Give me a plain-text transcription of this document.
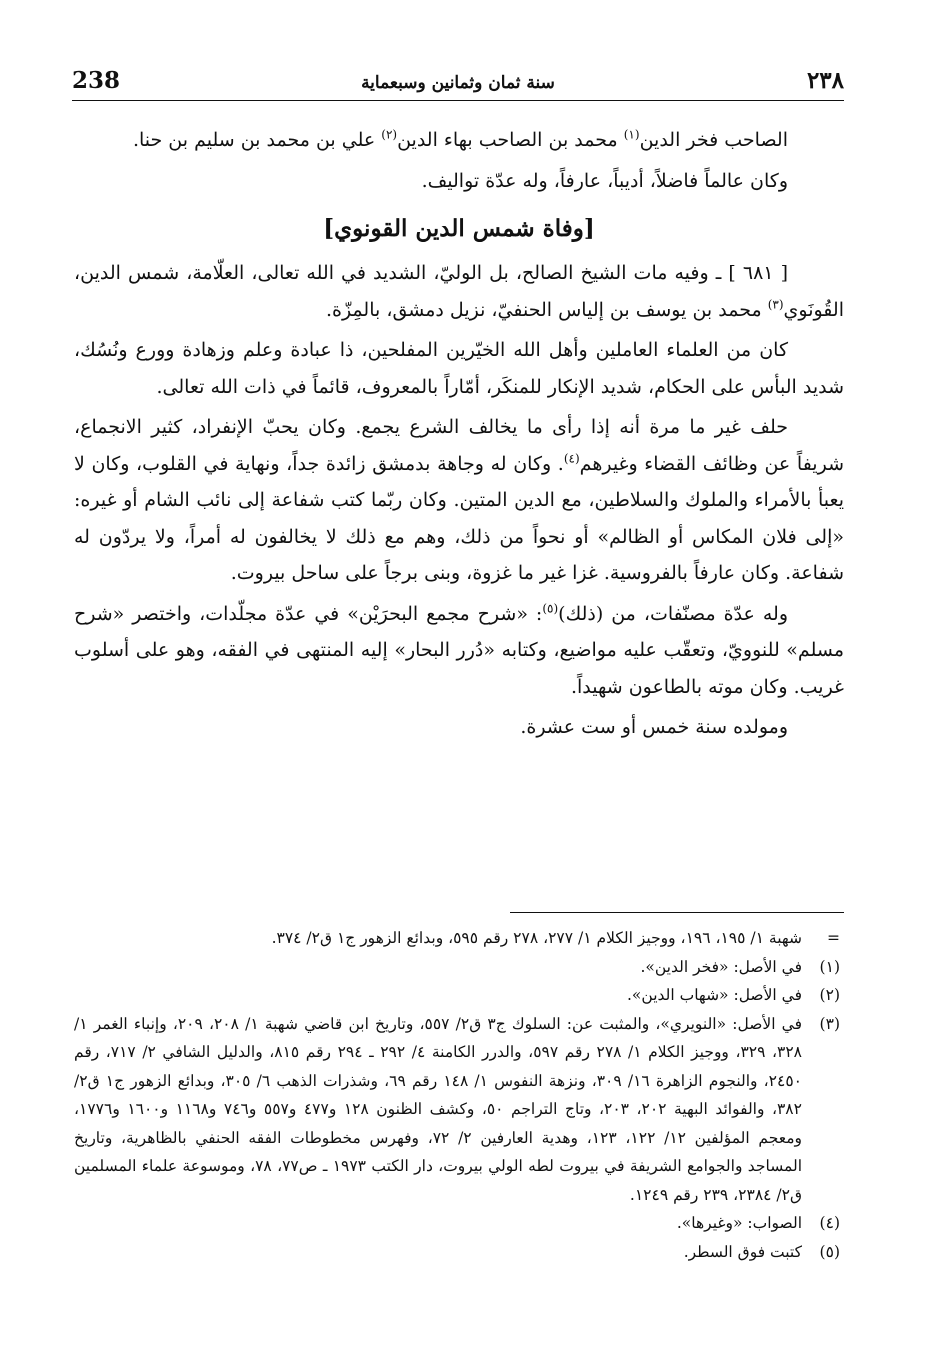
238	سنة ثمان وثمانين وسبعماية	٢٣٨

الصاحب فخر الدين$^{(١)}$ محمد بن الصاحب بهاء الدين$^{(٢)}$ علي بن محمد بن سليم بن حنا.

وكان عالماً فاضلاً، أديباً، عارفاً، وله عدّة تواليف.

[وفاة شمس الدين القونوي]

[ ٦٨١ ] ـ وفيه مات الشيخ الصالح، بل الوليّ، الشديد في الله تعالى، العلّامة، شمس الدين، القُونَوي$^{(٣)}$ محمد بن يوسف بن إلياس الحنفيّ، نزيل دمشق، بالمِزّة.

كان من العلماء العاملين وأهل الله الخيّرين المفلحين، ذا عبادة وعلم وزهادة وورع ونُسُك، شديد البأس على الحكام، شديد الإنكار للمنكَر، أمّاراً بالمعروف، قائماً في ذات الله تعالى.

حلف غير ما مرة أنه إذا رأى ما يخالف الشرع يجمع. وكان يحبّ الإنفراد، كثير الانجماع، شريفاً عن وظائف القضاء وغيرهم$^{(٤)}$. وكان له وجاهة بدمشق زائدة جداً، ونهاية في القلوب، وكان لا يعبأ بالأمراء والملوك والسلاطين، مع الدين المتين. وكان ربّما كتب شفاعة إلى نائب الشام أو غيره: «إلى فلان المكاس أو الظالم» أو نحواً من ذلك، وهم مع ذلك لا يخالفون له أمراً، ولا يردّون له شفاعة. وكان عارفاً بالفروسية. غزا غير ما غزوة، وبنى برجاً على ساحل بيروت.

وله عدّة مصنّفات، من (ذلك)$^{(٥)}$: «شرح مجمع البحرَيْن» في عدّة مجلّدات، واختصر «شرح مسلم» للنوويّ، وتعقّب عليه مواضيع، وكتابه «دُرر البحار» إليه المنتهى في الفقه، وهو على أسلوب غريب. وكان موته بالطاعون شهيداً.

ومولده سنة خمس أو ست عشرة.

=
شهبة ١/ ١٩٥، ١٩٦، ووجيز الكلام ١/ ٢٧٧، ٢٧٨ رقم ٥٩٥، وبدائع الزهور ج١ ق٢/ ٣٧٤.
(١)
في الأصل: «فخر الدين».
(٢)
في الأصل: «شهاب الدين».
(٣)
في الأصل: «النويري»، والمثبت عن: السلوك ج٣ ق٢/ ٥٥٧، وتاريخ ابن قاضي شهبة ١/ ٢٠٨، ٢٠٩، وإنباء الغمر ١/ ٣٢٨، ٣٢٩، ووجيز الكلام ١/ ٢٧٨ رقم ٥٩٧، والدرر الكامنة ٤/ ٢٩٢ ـ ٢٩٤ رقم ٨١٥، والدليل الشافي ٢/ ٧١٧، رقم ٢٤٥٠، والنجوم الزاهرة ١٦/ ٣٠٩، ونزهة النفوس ١/ ١٤٨ رقم ٦٩، وشذرات الذهب ٦/ ٣٠٥، وبدائع الزهور ج١ ق٢/ ٣٨٢، والفوائد البهية ٢٠٢، ٢٠٣، وتاج التراجم ٥٠، وكشف الظنون ١٢٨ و٤٧٧ و٥٥٧ و٧٤٦ و١١٦٨ و١٦٠٠ و١٧٧٦، ومعجم المؤلفين ١٢/ ١٢٢، ١٢٣، وهدية العارفين ٢/ ٧٢، وفهرس مخطوطات الفقه الحنفي بالظاهرية، وتاريخ المساجد والجوامع الشريفة في بيروت لطه الولي بيروت، دار الكتب ١٩٧٣ ـ ص٧٧، ٧٨، وموسوعة علماء المسلمين ق٢/ ٢٣٨٤، ٢٣٩ رقم ١٢٤٩.
(٤)
الصواب: «وغيرها».
(٥)
كتبت فوق السطر.
